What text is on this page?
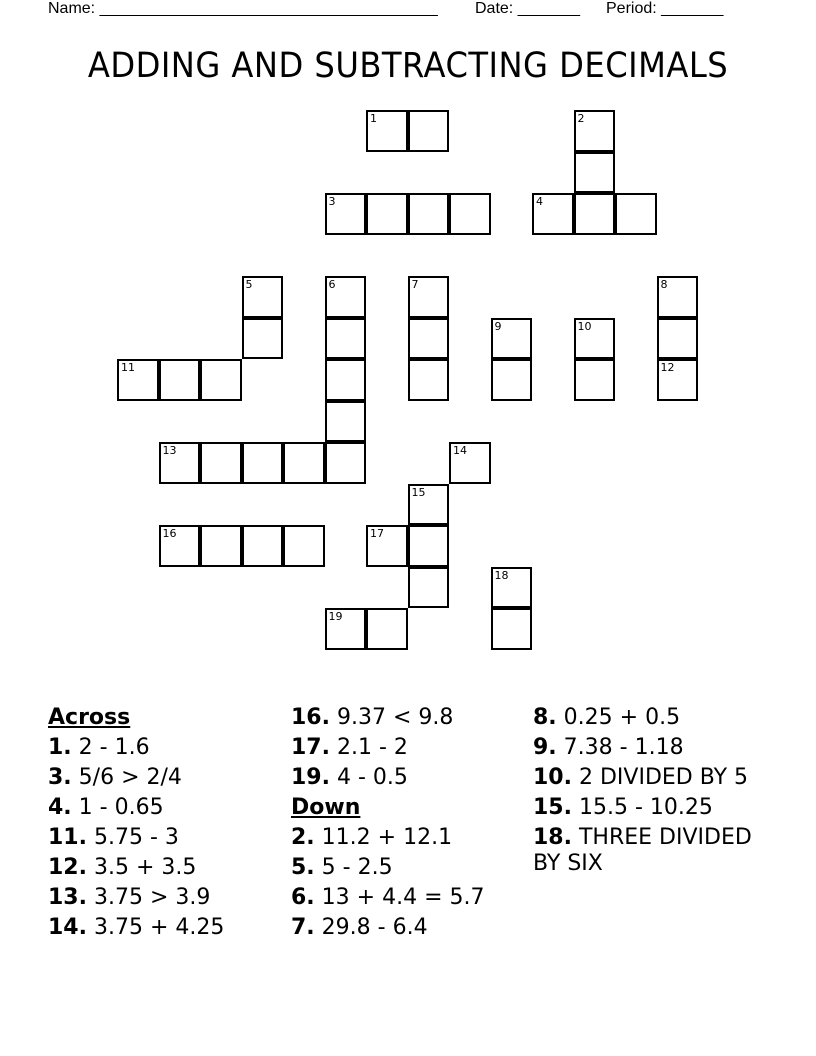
Name: ______________________________________ Date: _______ Period: _______
ADDING AND SUBTRACTING DECIMALS
1	2
3	4
5	6	7	8
9	10
11	12
13	14
15
16	17
18
19
Across
1. 2 - 1.6
3. 5/6 > 2/4
4. 1 - 0.65
11. 5.75 - 3
12. 3.5 + 3.5
13. 3.75 > 3.9
14. 3.75 + 4.25
16. 9.37 < 9.8
17. 2.1 - 2
19. 4 - 0.5
Down
2. 11.2 + 12.1
5. 5 - 2.5
6. 13 + 4.4 = 5.7
7. 29.8 - 6.4
8. 0.25 + 0.5
9. 7.38 - 1.18
10. 2 DIVIDED BY 5
15. 15.5 - 10.25
18. THREE DIVIDED BY SIX
